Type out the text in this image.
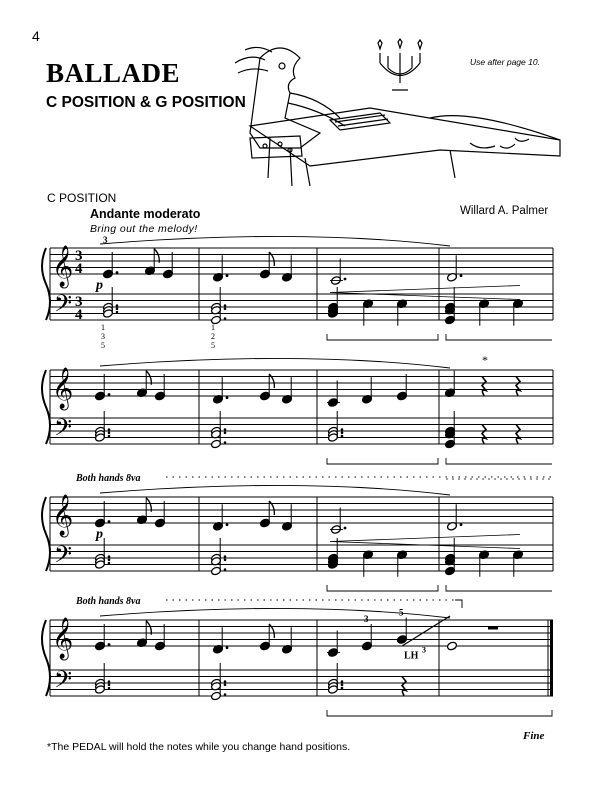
4
BALLADE
C POSITION & G POSITION
Use after page 10.
C POSITION
Andante moderato
Bring out the melody!
Willard A. Palmer
𝄞
𝄢
3
4
3
4
𝄞
𝄢
*
𝄞
𝄢
Both hands 8va
𝄞
𝄢
3
5
LH
3
Both hands 8va
3
p
p
1
3
5
1
2
5
Fine
*The PEDAL will hold the notes while you change hand positions.
